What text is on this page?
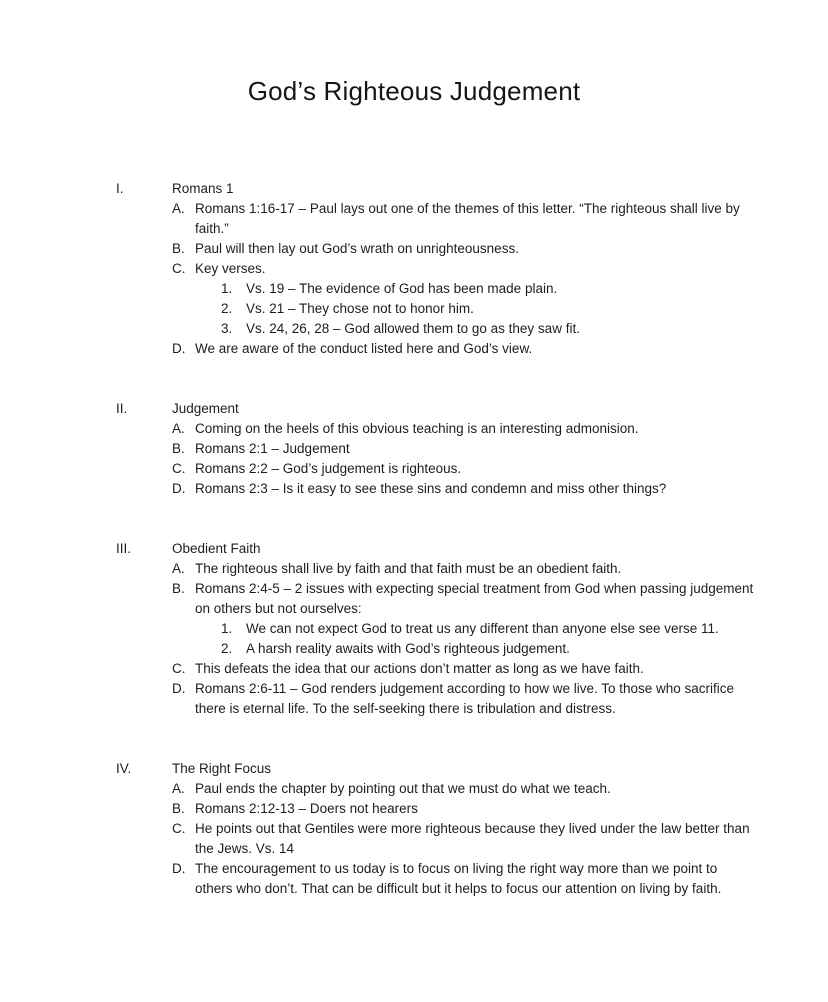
God’s Righteous Judgement
I.	Romans 1
A. Romans 1:16-17 – Paul lays out one of the themes of this letter. “The righteous shall live by faith.”
B. Paul will then lay out God’s wrath on unrighteousness.
C. Key verses.
1.	Vs. 19 – The evidence of God has been made plain.
2.	Vs. 21 – They chose not to honor him.
3.	Vs. 24, 26, 28 – God allowed them to go as they saw fit.
D. We are aware of the conduct listed here and God’s view.
II.	Judgement
A. Coming on the heels of this obvious teaching is an interesting admonision.
B. Romans 2:1 – Judgement
C. Romans 2:2 – God’s judgement is righteous.
D. Romans 2:3 – Is it easy to see these sins and condemn and miss other things?
III.	Obedient Faith
A. The righteous shall live by faith and that faith must be an obedient faith.
B. Romans 2:4-5 – 2 issues with expecting special treatment from God when passing judgement on others but not ourselves:
1.	We can not expect God to treat us any different than anyone else see verse 11.
2.	A harsh reality awaits with God’s righteous judgement.
C. This defeats the idea that our actions don’t matter as long as we have faith.
D. Romans 2:6-11 – God renders judgement according to how we live. To those who sacrifice there is eternal life. To the self-seeking there is tribulation and distress.
IV.	The Right Focus
A. Paul ends the chapter by pointing out that we must do what we teach.
B. Romans 2:12-13 – Doers not hearers
C. He points out that Gentiles were more righteous because they lived under the law better than the Jews. Vs. 14
D. The encouragement to us today is to focus on living the right way more than we point to others who don’t. That can be difficult but it helps to focus our attention on living by faith.
